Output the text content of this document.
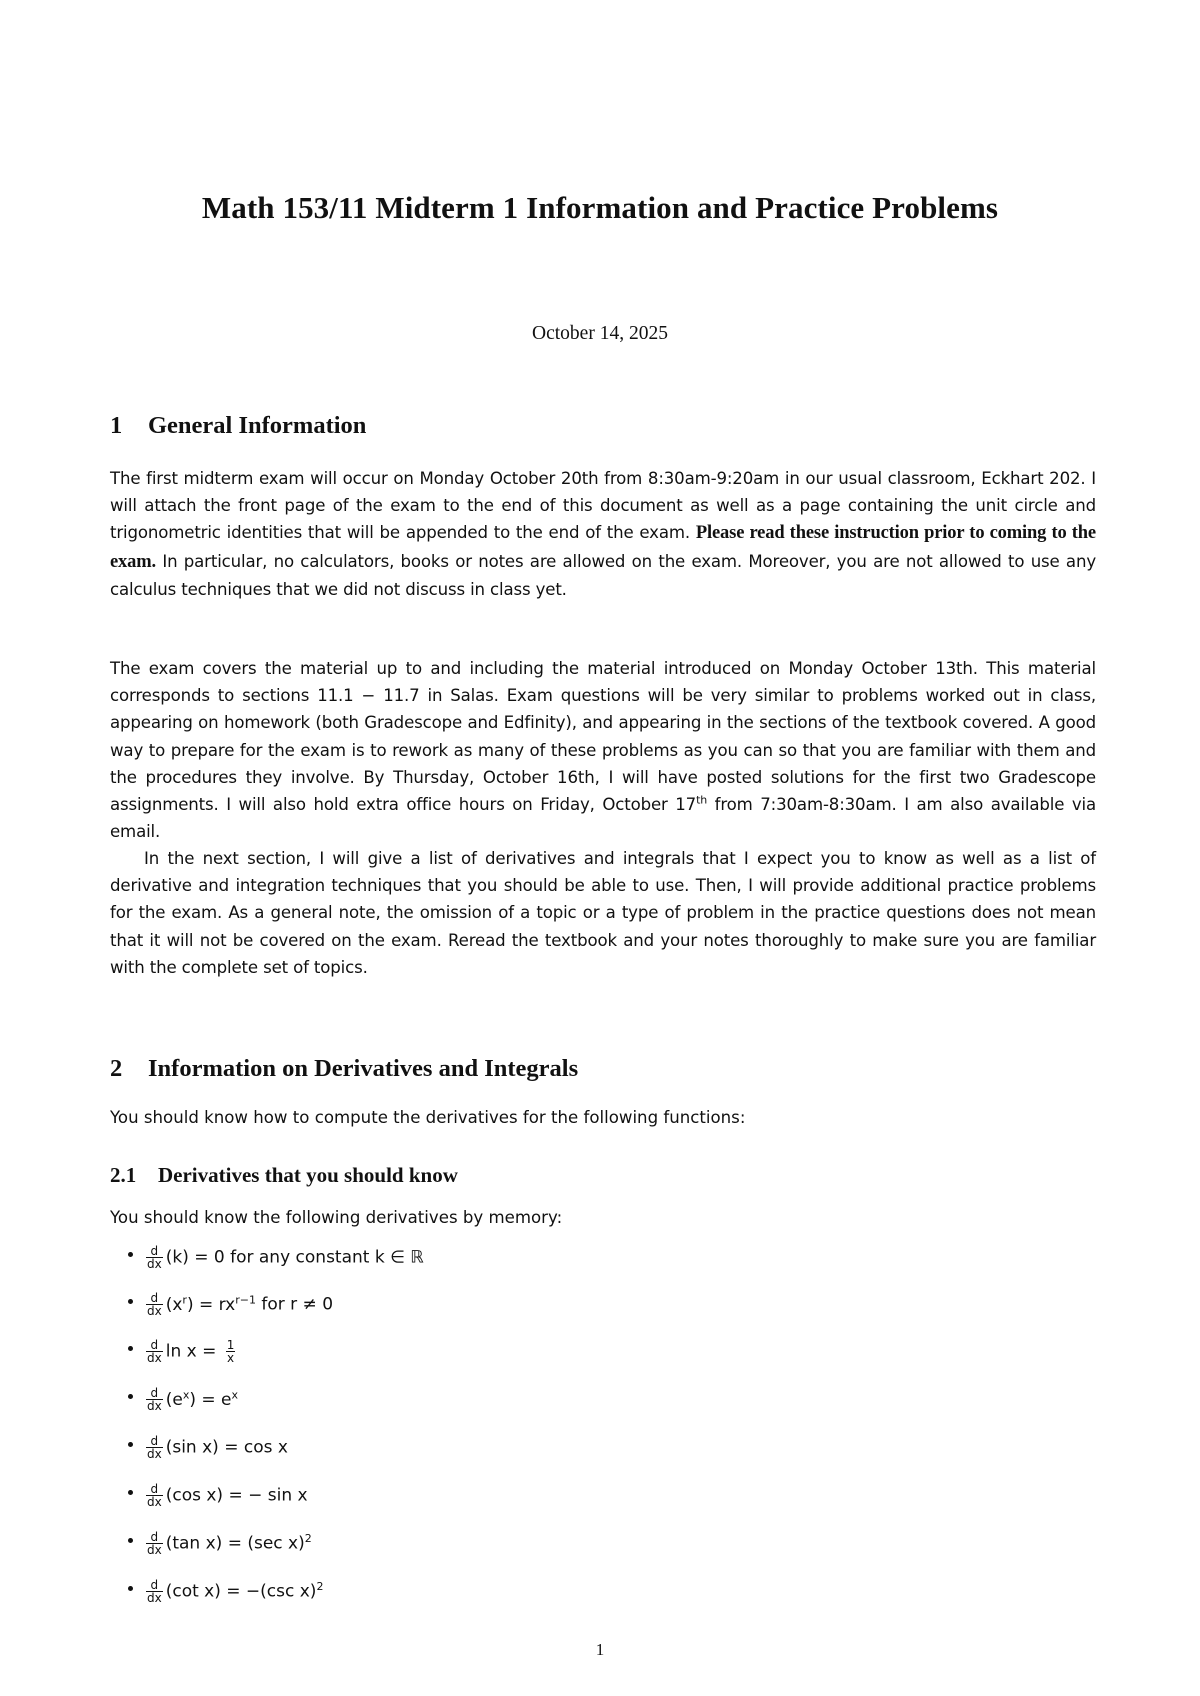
Math 153/11 Midterm 1 Information and Practice Problems
October 14, 2025
1 General Information
The first midterm exam will occur on Monday October 20th from 8:30am-9:20am in our usual classroom, Eckhart 202. I will attach the front page of the exam to the end of this document as well as a page containing the unit circle and trigonometric identities that will be appended to the end of the exam. Please read these instruction prior to coming to the exam. In particular, no calculators, books or notes are allowed on the exam. Moreover, you are not allowed to use any calculus techniques that we did not discuss in class yet.
The exam covers the material up to and including the material introduced on Monday October 13th. This material corresponds to sections 11.1 − 11.7 in Salas. Exam questions will be very similar to problems worked out in class, appearing on homework (both Gradescope and Edfinity), and appearing in the sections of the textbook covered. A good way to prepare for the exam is to rework as many of these problems as you can so that you are familiar with them and the procedures they involve. By Thursday, October 16th, I will have posted solutions for the first two Gradescope assignments. I will also hold extra office hours on Friday, October 17th from 7:30am-8:30am. I am also available via email.
In the next section, I will give a list of derivatives and integrals that I expect you to know as well as a list of derivative and integration techniques that you should be able to use. Then, I will provide additional practice problems for the exam. As a general note, the omission of a topic or a type of problem in the practice questions does not mean that it will not be covered on the exam. Reread the textbook and your notes thoroughly to make sure you are familiar with the complete set of topics.
2 Information on Derivatives and Integrals
You should know how to compute the derivatives for the following functions:
2.1 Derivatives that you should know
You should know the following derivatives by memory:
$\frac{d}{dx} (k) = 0$ for any constant k ∈ ℝ
$\frac{d}{dx} (x^r) = rx^{r-1}$ for r ≠ 0
$\frac{d}{dx}$ $\ln x = \frac{1}{x}$
$\frac{d}{dx} (e^x) = e^x$
$\frac{d}{dx} (\sin$ x) = cos x
$\frac{d}{dx} (\cos$ x) = − sin x
$\frac{d}{dx} (\tan$ x) = (sec x)$^2$
$\frac{d}{dx} (\cot$ x) = −(csc x)$^2$
1
